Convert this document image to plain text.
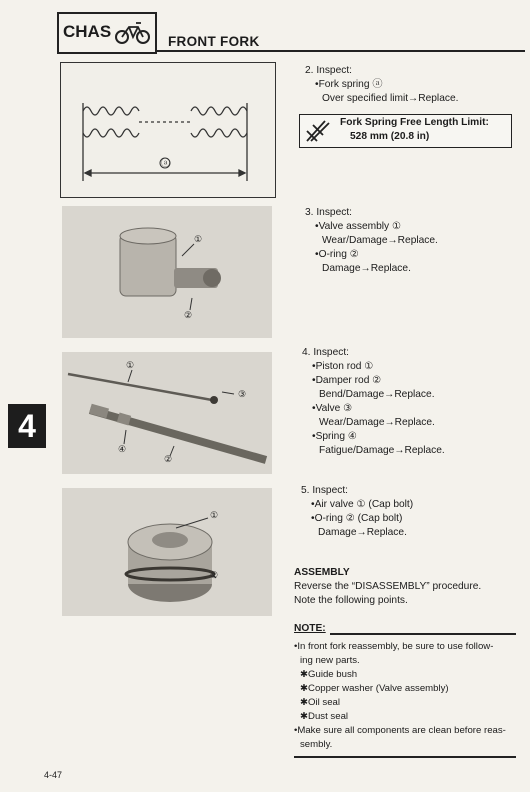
CHAS
FRONT FORK
ⓐ
2. Inspect:
•Fork spring ⓐ
Over specified limit→Replace.
Fork Spring Free Length Limit:
528 mm (20.8 in)
①
②
3. Inspect:
•Valve assembly ①
Wear/Damage→Replace.
•O-ring ②
Damage→Replace.
4
①
②
③
④
4. Inspect:
•Piston rod ①
•Damper rod ②
Bend/Damage→Replace.
•Valve ③
Wear/Damage→Replace.
•Spring ④
Fatigue/Damage→Replace.
①
②
5. Inspect:
•Air valve ① (Cap bolt)
•O-ring ② (Cap bolt)
Damage→Replace.
ASSEMBLY
Reverse the “DISASSEMBLY” procedure.
Note the following points.
NOTE:
•In front fork reassembly, be sure to use follow-
ing new parts.
✱Guide bush
✱Copper washer (Valve assembly)
✱Oil seal
✱Dust seal
•Make sure all components are clean before reas-
sembly.
4-47
